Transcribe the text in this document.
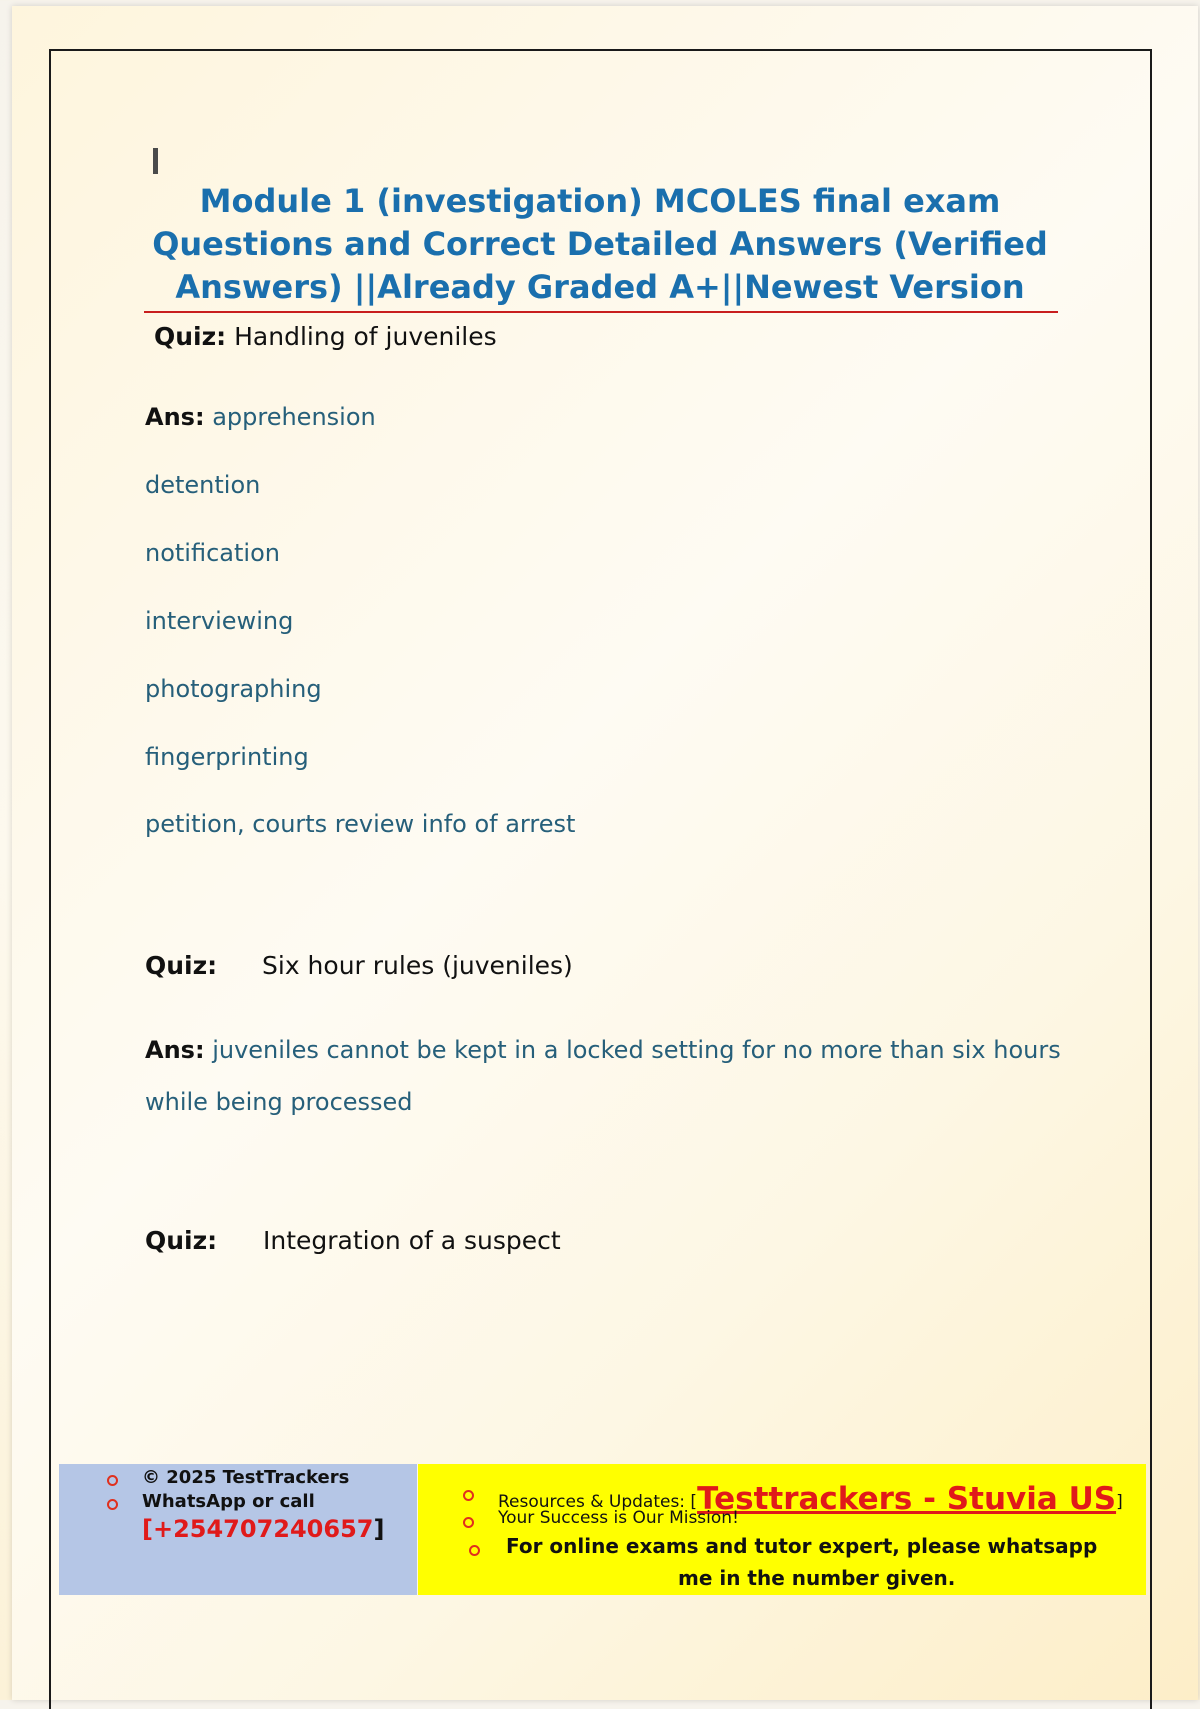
Module 1 (investigation) MCOLES final exam Questions and Correct Detailed Answers (Verified Answers) ||Already Graded A+||Newest Version
Quiz: Handling of juveniles
Ans: apprehension
detention
notification
interviewing
photographing
fingerprinting
petition, courts review info of arrest
Quiz: Six hour rules (juveniles)
Ans: juveniles cannot be kept in a locked setting for no more than six hours
while being processed
Quiz: Integration of a suspect
© 2025 TestTrackers
WhatsApp or call
[+254707240657]
Resources & Updates: [Testtrackers - Stuvia US]
Your Success is Our Mission!
For online exams and tutor expert, please whatsapp
me in the number given.
